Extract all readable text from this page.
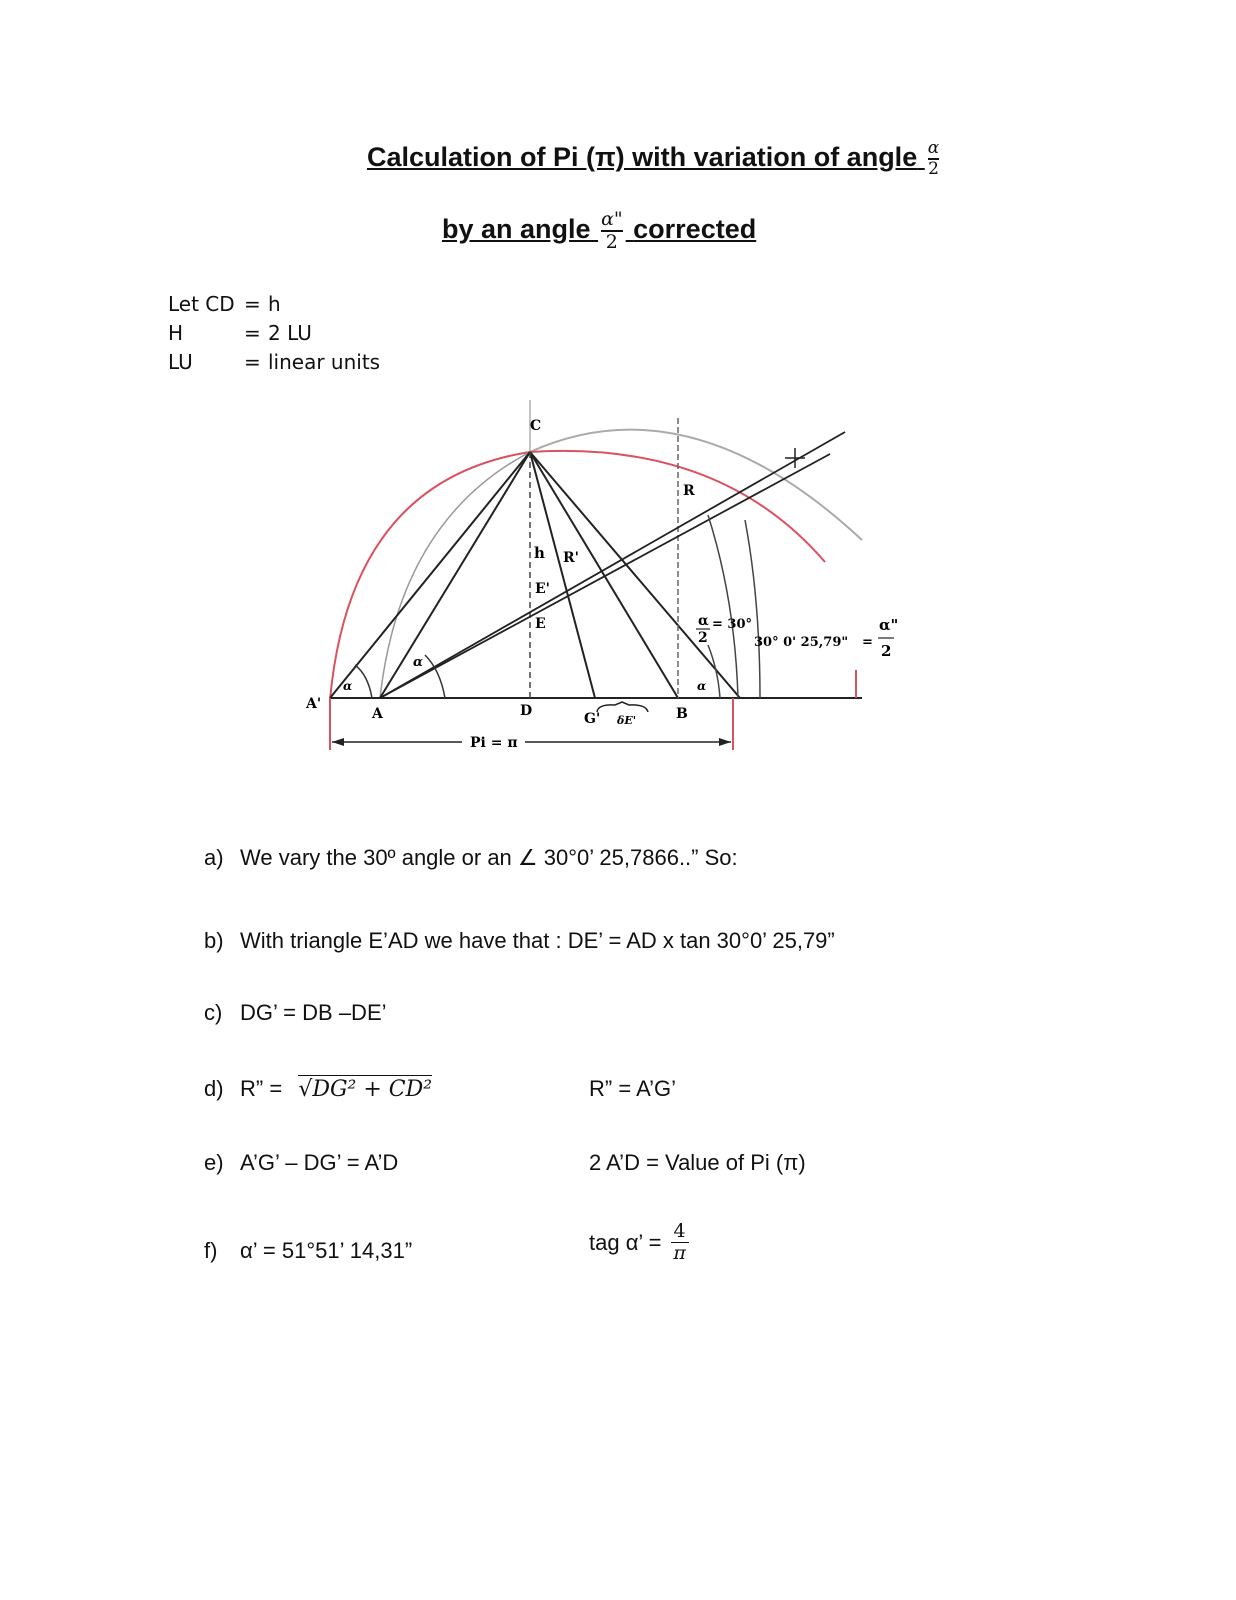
Calculation of Pi (π) with variation of angle $\frac{\alpha}{2}$
by an angle $\frac{\alpha"}{2}$ corrected
Let CD = h
H	= 2 LU
LU	= linear units
A'
A	D	G' δE'	B
C
R
R'
h
E'
E
Pi = π
α
α	α
α
2
= 30°
30° 0' 25,79" =
α"
2
a) We vary the 30º angle or an ∠ 30°0’ 25,7866..” So:
b) With triangle E’AD we have that : DE’ = AD x tan 30°0’ 25,79”
c) DG’ = DB –DE’
d) R” = √DG² + CD²	R” = A’G’
e) A’G’ – DG’ = A’D	2 A’D = Value of Pi (π)
f) α’ = 51°51’ 14,31”	tag α’ = $\frac{4}{\pi}$
